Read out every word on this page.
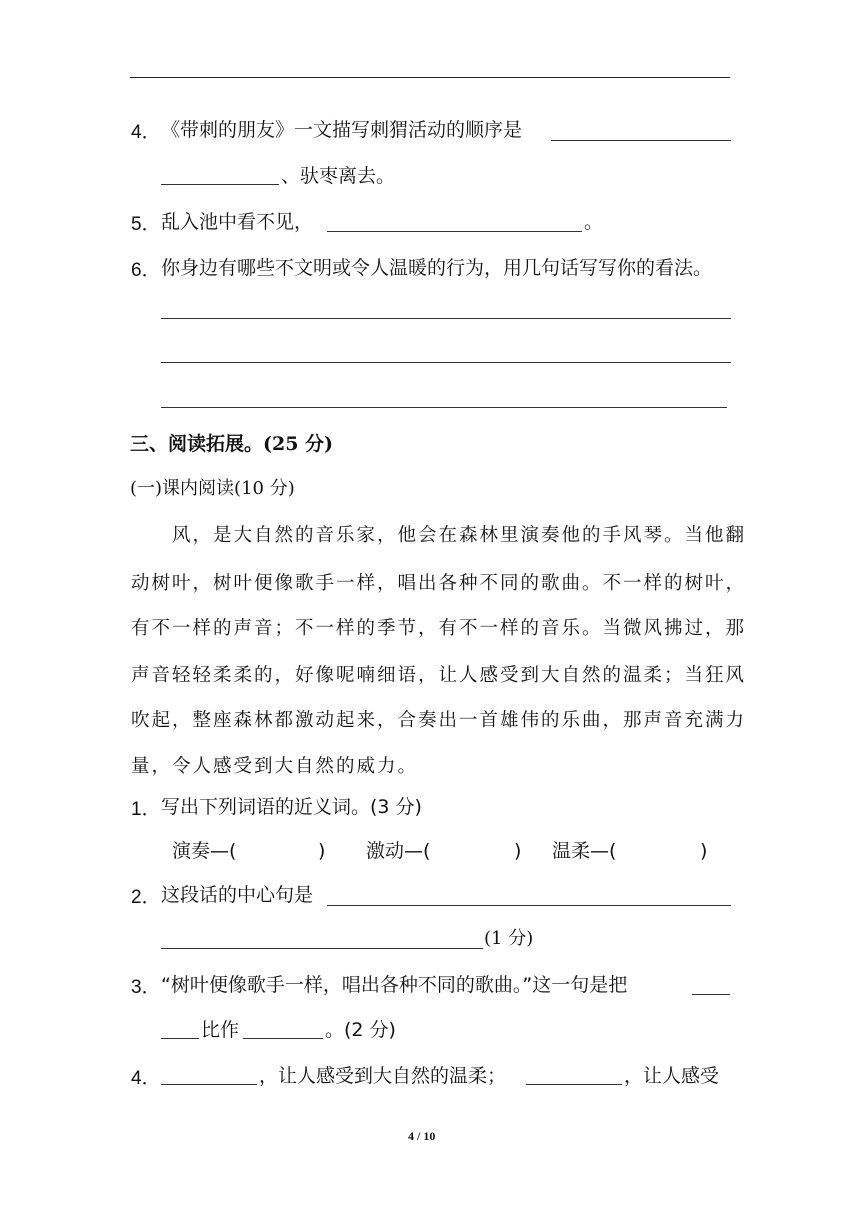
4． 《带刺的朋友》一文描写刺猬活动的顺序是
、驮枣离去。
5． 乱入池中看不见，	。
6． 你身边有哪些不文明或令人温暖的行为，用几句话写写你的看法。
三、阅读拓展。(25 分)
(一)课内阅读(10 分)
风，是大自然的音乐家，他会在森林里演奏他的手风琴。当他翻
动树叶，树叶便像歌手一样，唱出各种不同的歌曲。不一样的树叶，
有不一样的声音；不一样的季节，有不一样的音乐。当微风拂过，那
声音轻轻柔柔的，好像呢喃细语，让人感受到大自然的温柔；当狂风
吹起，整座森林都激动起来，合奏出一首雄伟的乐曲，那声音充满力
量，令人感受到大自然的威力。
1． 写出下列词语的近义词。(3 分)
演奏—(	) 激动—(	) 温柔—(	)
2． 这段话的中心句是
(1 分)
3． “树叶便像歌手一样，唱出各种不同的歌曲。”这一句是把
比作	。(2 分)
4．	，让人感受到大自然的温柔；	，让人感受
4 / 10
